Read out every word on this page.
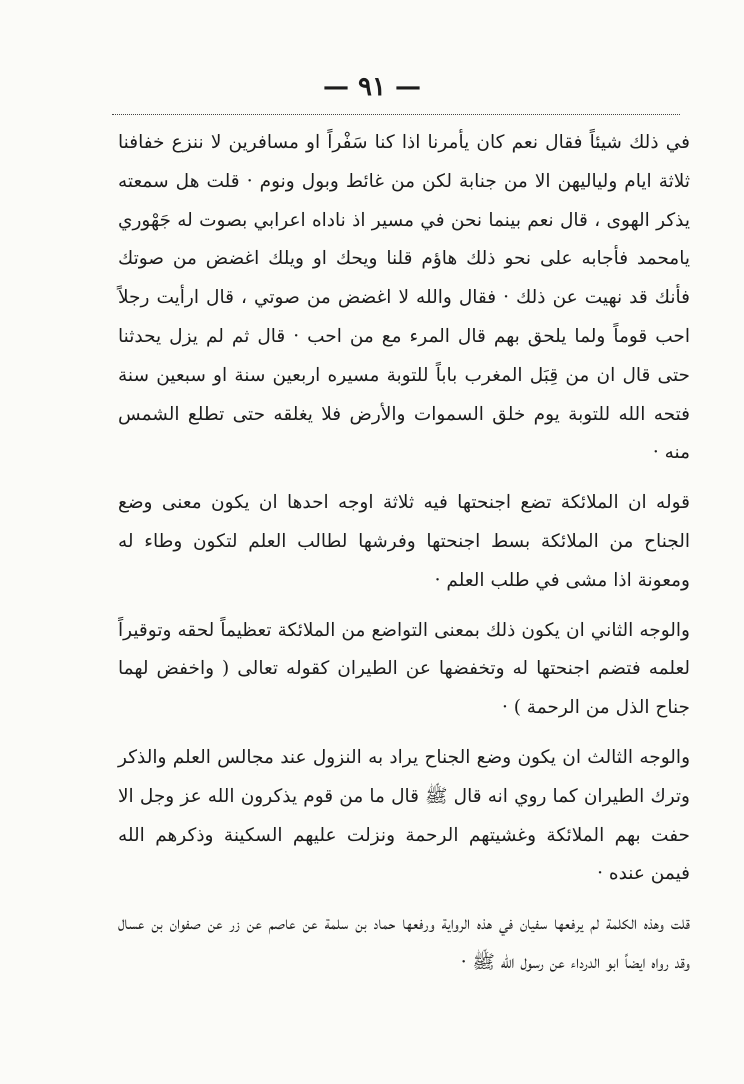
— ٩١ —

في ذلك شيئاً فقال نعم كان يأمرنا اذا كنا سَفْراً او مسافرين لا ننزع خفافنا ثلاثة ايام ولياليهن الا من جنابة لكن من غائط وبول ونوم · قلت هل سمعته يذكر الهوى ، قال نعم بينما نحن في مسير اذ ناداه اعرابي بصوت له جَهْوري يامحمد فأجابه على نحو ذلك هاؤم قلنا ويحك او ويلك اغضض من صوتك فأنك قد نهيت عن ذلك · فقال والله لا اغضض من صوتي ، قال ارأيت رجلاً احب قوماً ولما يلحق بهم قال المرء مع من احب · قال ثم لم يزل يحدثنا حتى قال ان من قِبَل المغرب باباً للتوبة مسيره اربعين سنة او سبعين سنة فتحه الله للتوبة يوم خلق السموات والأرض فلا يغلقه حتى تطلع الشمس منه ·

قوله ان الملائكة تضع اجنحتها فيه ثلاثة اوجه احدها ان يكون معنى وضع الجناح من الملائكة بسط اجنحتها وفرشها لطالب العلم لتكون وطاء له ومعونة اذا مشى في طلب العلم ·

والوجه الثاني ان يكون ذلك بمعنى التواضع من الملائكة تعظيماً لحقه وتوقيراً لعلمه فتضم اجنحتها له وتخفضها عن الطيران كقوله تعالى ( واخفض لهما جناح الذل من الرحمة ) ·

والوجه الثالث ان يكون وضع الجناح يراد به النزول عند مجالس العلم والذكر وترك الطيران كما روي انه قال ﷺ قال ما من قوم يذكرون الله عز وجل الا حفت بهم الملائكة وغشيتهم الرحمة ونزلت عليهم السكينة وذكرهم الله فيمن عنده ·

قلت وهذه الكلمة لم يرفعها سفيان في هذه الرواية ورفعها حماد بن سلمة عن عاصم عن زر عن صفوان بن عسال وقد رواه ايضاً ابو الدرداء عن رسول الله ﷺ ·
